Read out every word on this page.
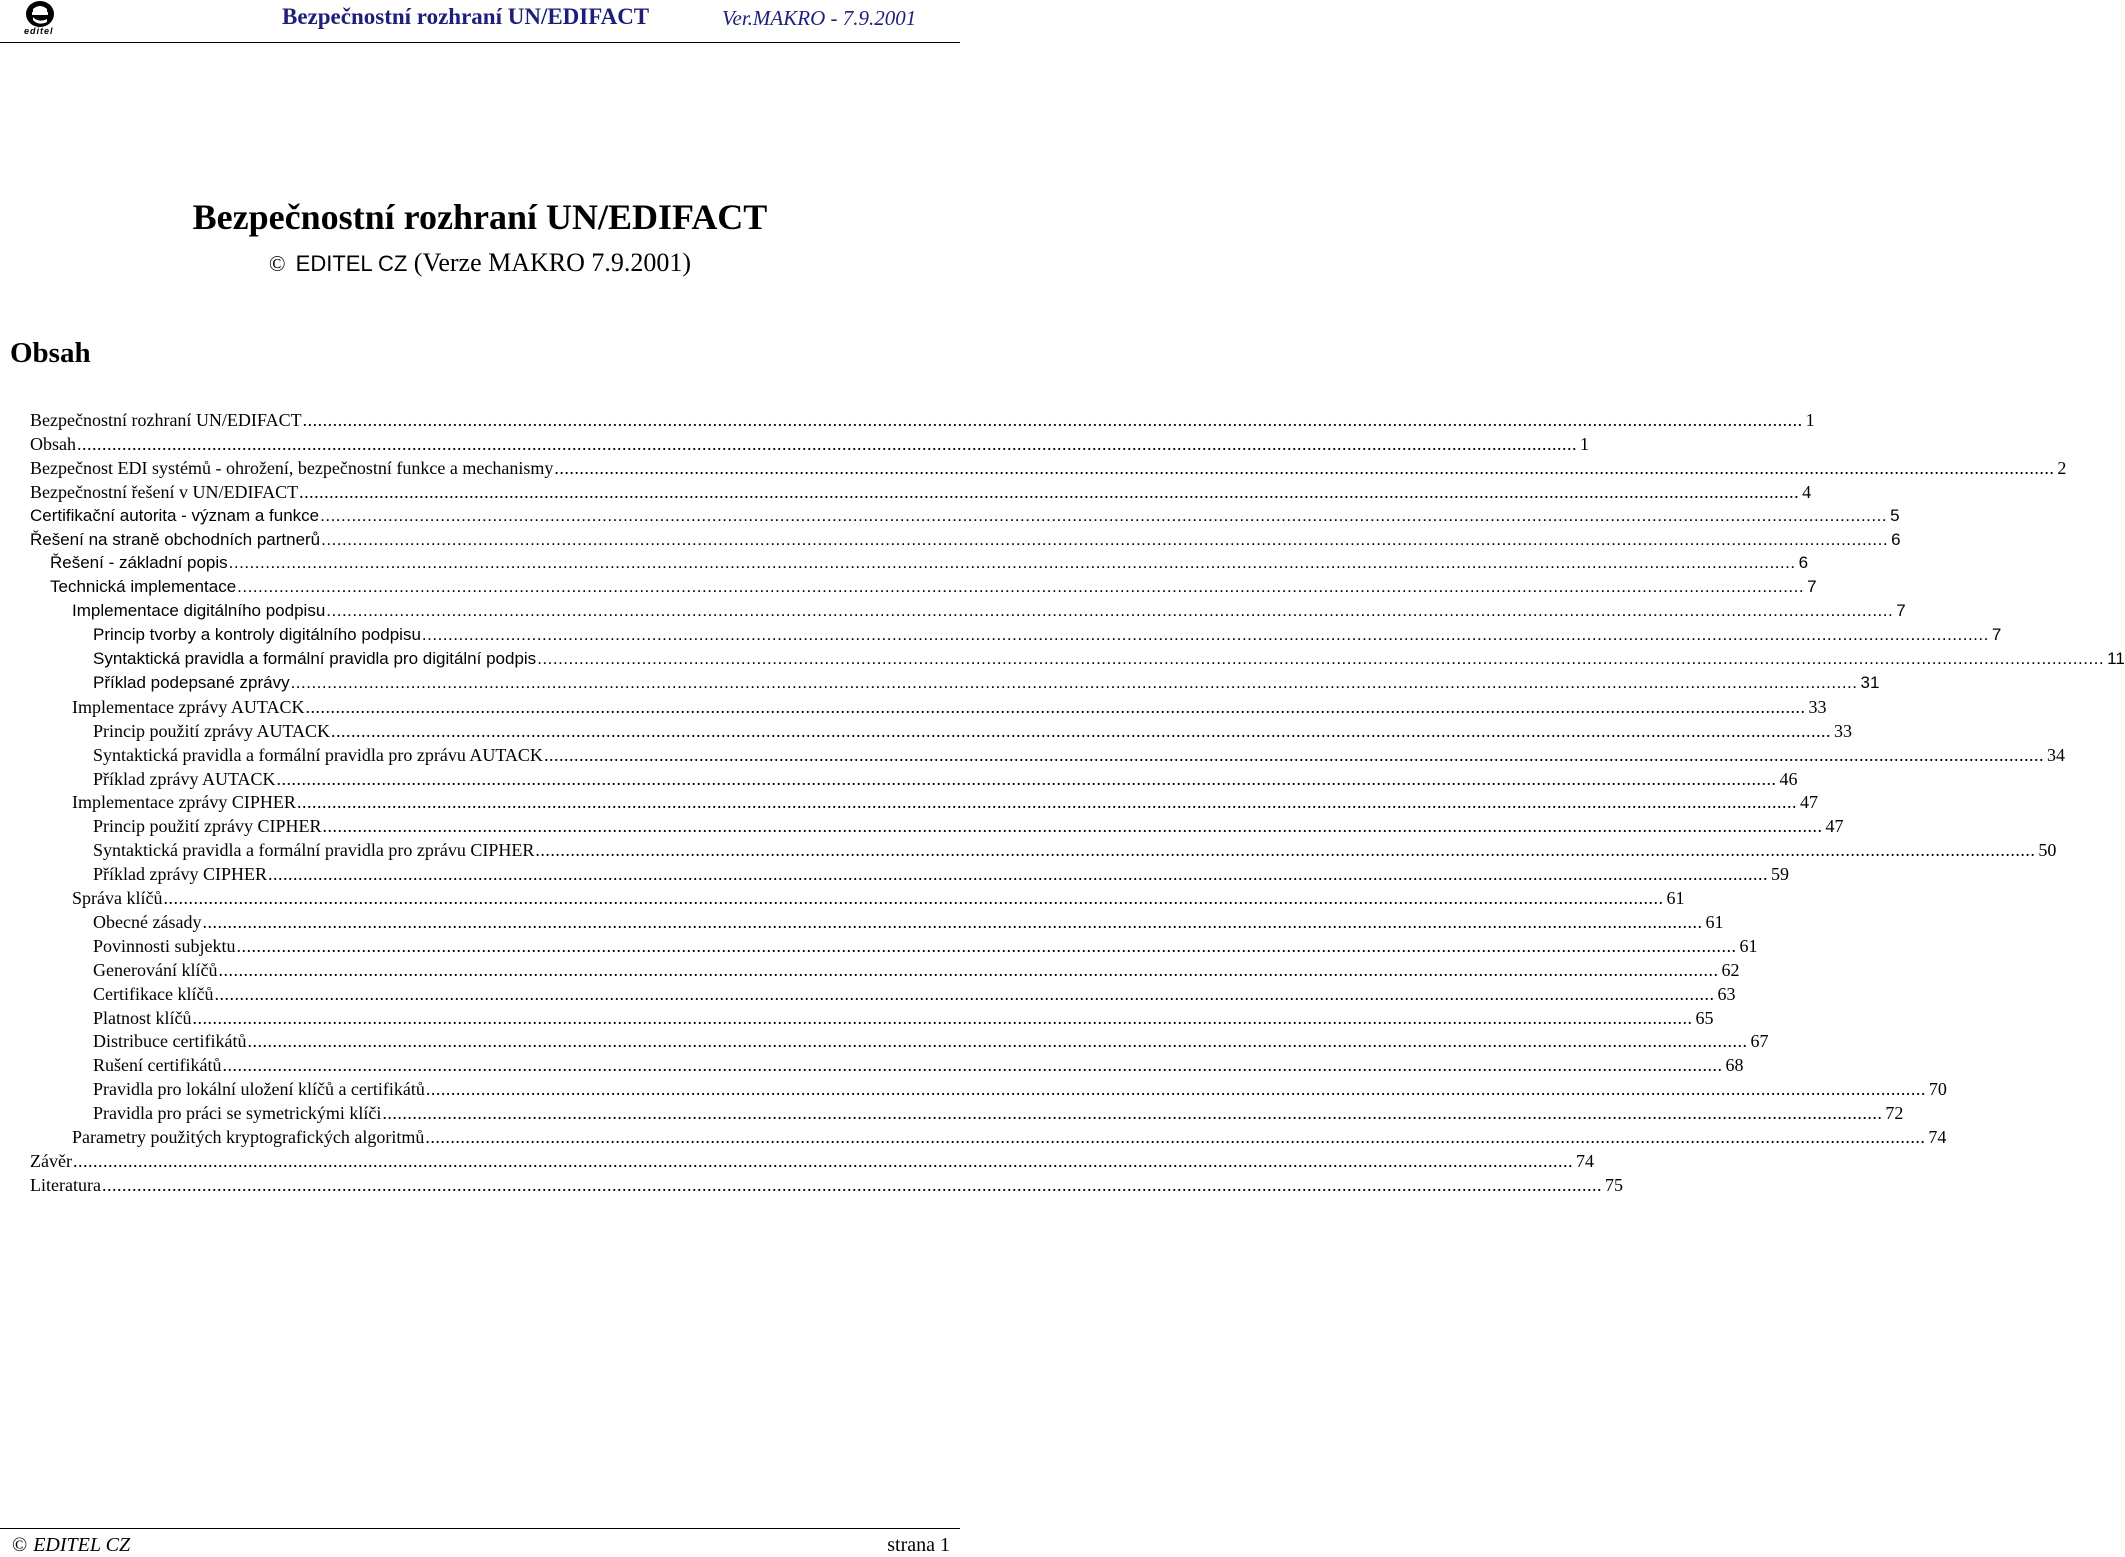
editel
Bezpečnostní rozhraní UN/EDIFACT	Ver.MAKRO - 7.9.2001
Bezpečnostní rozhraní UN/EDIFACT
© EDITEL CZ (Verze MAKRO 7.9.2001)
Obsah
Bezpečnostní rozhraní UN/EDIFACT ............................................................................................................................................................................................................................................................................................................ 1
Obsah ............................................................................................................................................................................................................................................................................................................ 1
Bezpečnost EDI systémů - ohrožení, bezpečnostní funkce a mechanismy ............................................................................................................................................................................................................................................................................................................ 2
Bezpečnostní řešení v UN/EDIFACT ............................................................................................................................................................................................................................................................................................................ 4
Certifikační autorita - význam a funkce ............................................................................................................................................................................................................................................................................................................ 5
Řešení na straně obchodních partnerů ............................................................................................................................................................................................................................................................................................................ 6
Řešení - základní popis ............................................................................................................................................................................................................................................................................................................ 6
Technická implementace ............................................................................................................................................................................................................................................................................................................ 7
Implementace digitálního podpisu ............................................................................................................................................................................................................................................................................................................ 7
Princip tvorby a kontroly digitálního podpisu ............................................................................................................................................................................................................................................................................................................ 7
Syntaktická pravidla a formální pravidla pro digitální podpis ............................................................................................................................................................................................................................................................................................................ 11
Příklad podepsané zprávy ............................................................................................................................................................................................................................................................................................................ 31
Implementace zprávy AUTACK ............................................................................................................................................................................................................................................................................................................ 33
Princip použití zprávy AUTACK ............................................................................................................................................................................................................................................................................................................ 33
Syntaktická pravidla a formální pravidla pro zprávu AUTACK ............................................................................................................................................................................................................................................................................................................ 34
Příklad zprávy AUTACK ............................................................................................................................................................................................................................................................................................................ 46
Implementace zprávy CIPHER ............................................................................................................................................................................................................................................................................................................ 47
Princip použití zprávy CIPHER ............................................................................................................................................................................................................................................................................................................ 47
Syntaktická pravidla a formální pravidla pro zprávu CIPHER ............................................................................................................................................................................................................................................................................................................ 50
Příklad zprávy CIPHER ............................................................................................................................................................................................................................................................................................................ 59
Správa klíčů ............................................................................................................................................................................................................................................................................................................ 61
Obecné zásady ............................................................................................................................................................................................................................................................................................................ 61
Povinnosti subjektu ............................................................................................................................................................................................................................................................................................................ 61
Generování klíčů ............................................................................................................................................................................................................................................................................................................ 62
Certifikace klíčů ............................................................................................................................................................................................................................................................................................................ 63
Platnost klíčů ............................................................................................................................................................................................................................................................................................................ 65
Distribuce certifikátů ............................................................................................................................................................................................................................................................................................................ 67
Rušení certifikátů ............................................................................................................................................................................................................................................................................................................ 68
Pravidla pro lokální uložení klíčů a certifikátů ............................................................................................................................................................................................................................................................................................................ 70
Pravidla pro práci se symetrickými klíči ............................................................................................................................................................................................................................................................................................................ 72
Parametry použitých kryptografických algoritmů ............................................................................................................................................................................................................................................................................................................ 74
Závěr ............................................................................................................................................................................................................................................................................................................ 74
Literatura ............................................................................................................................................................................................................................................................................................................ 75
© EDITEL CZ	strana 1
